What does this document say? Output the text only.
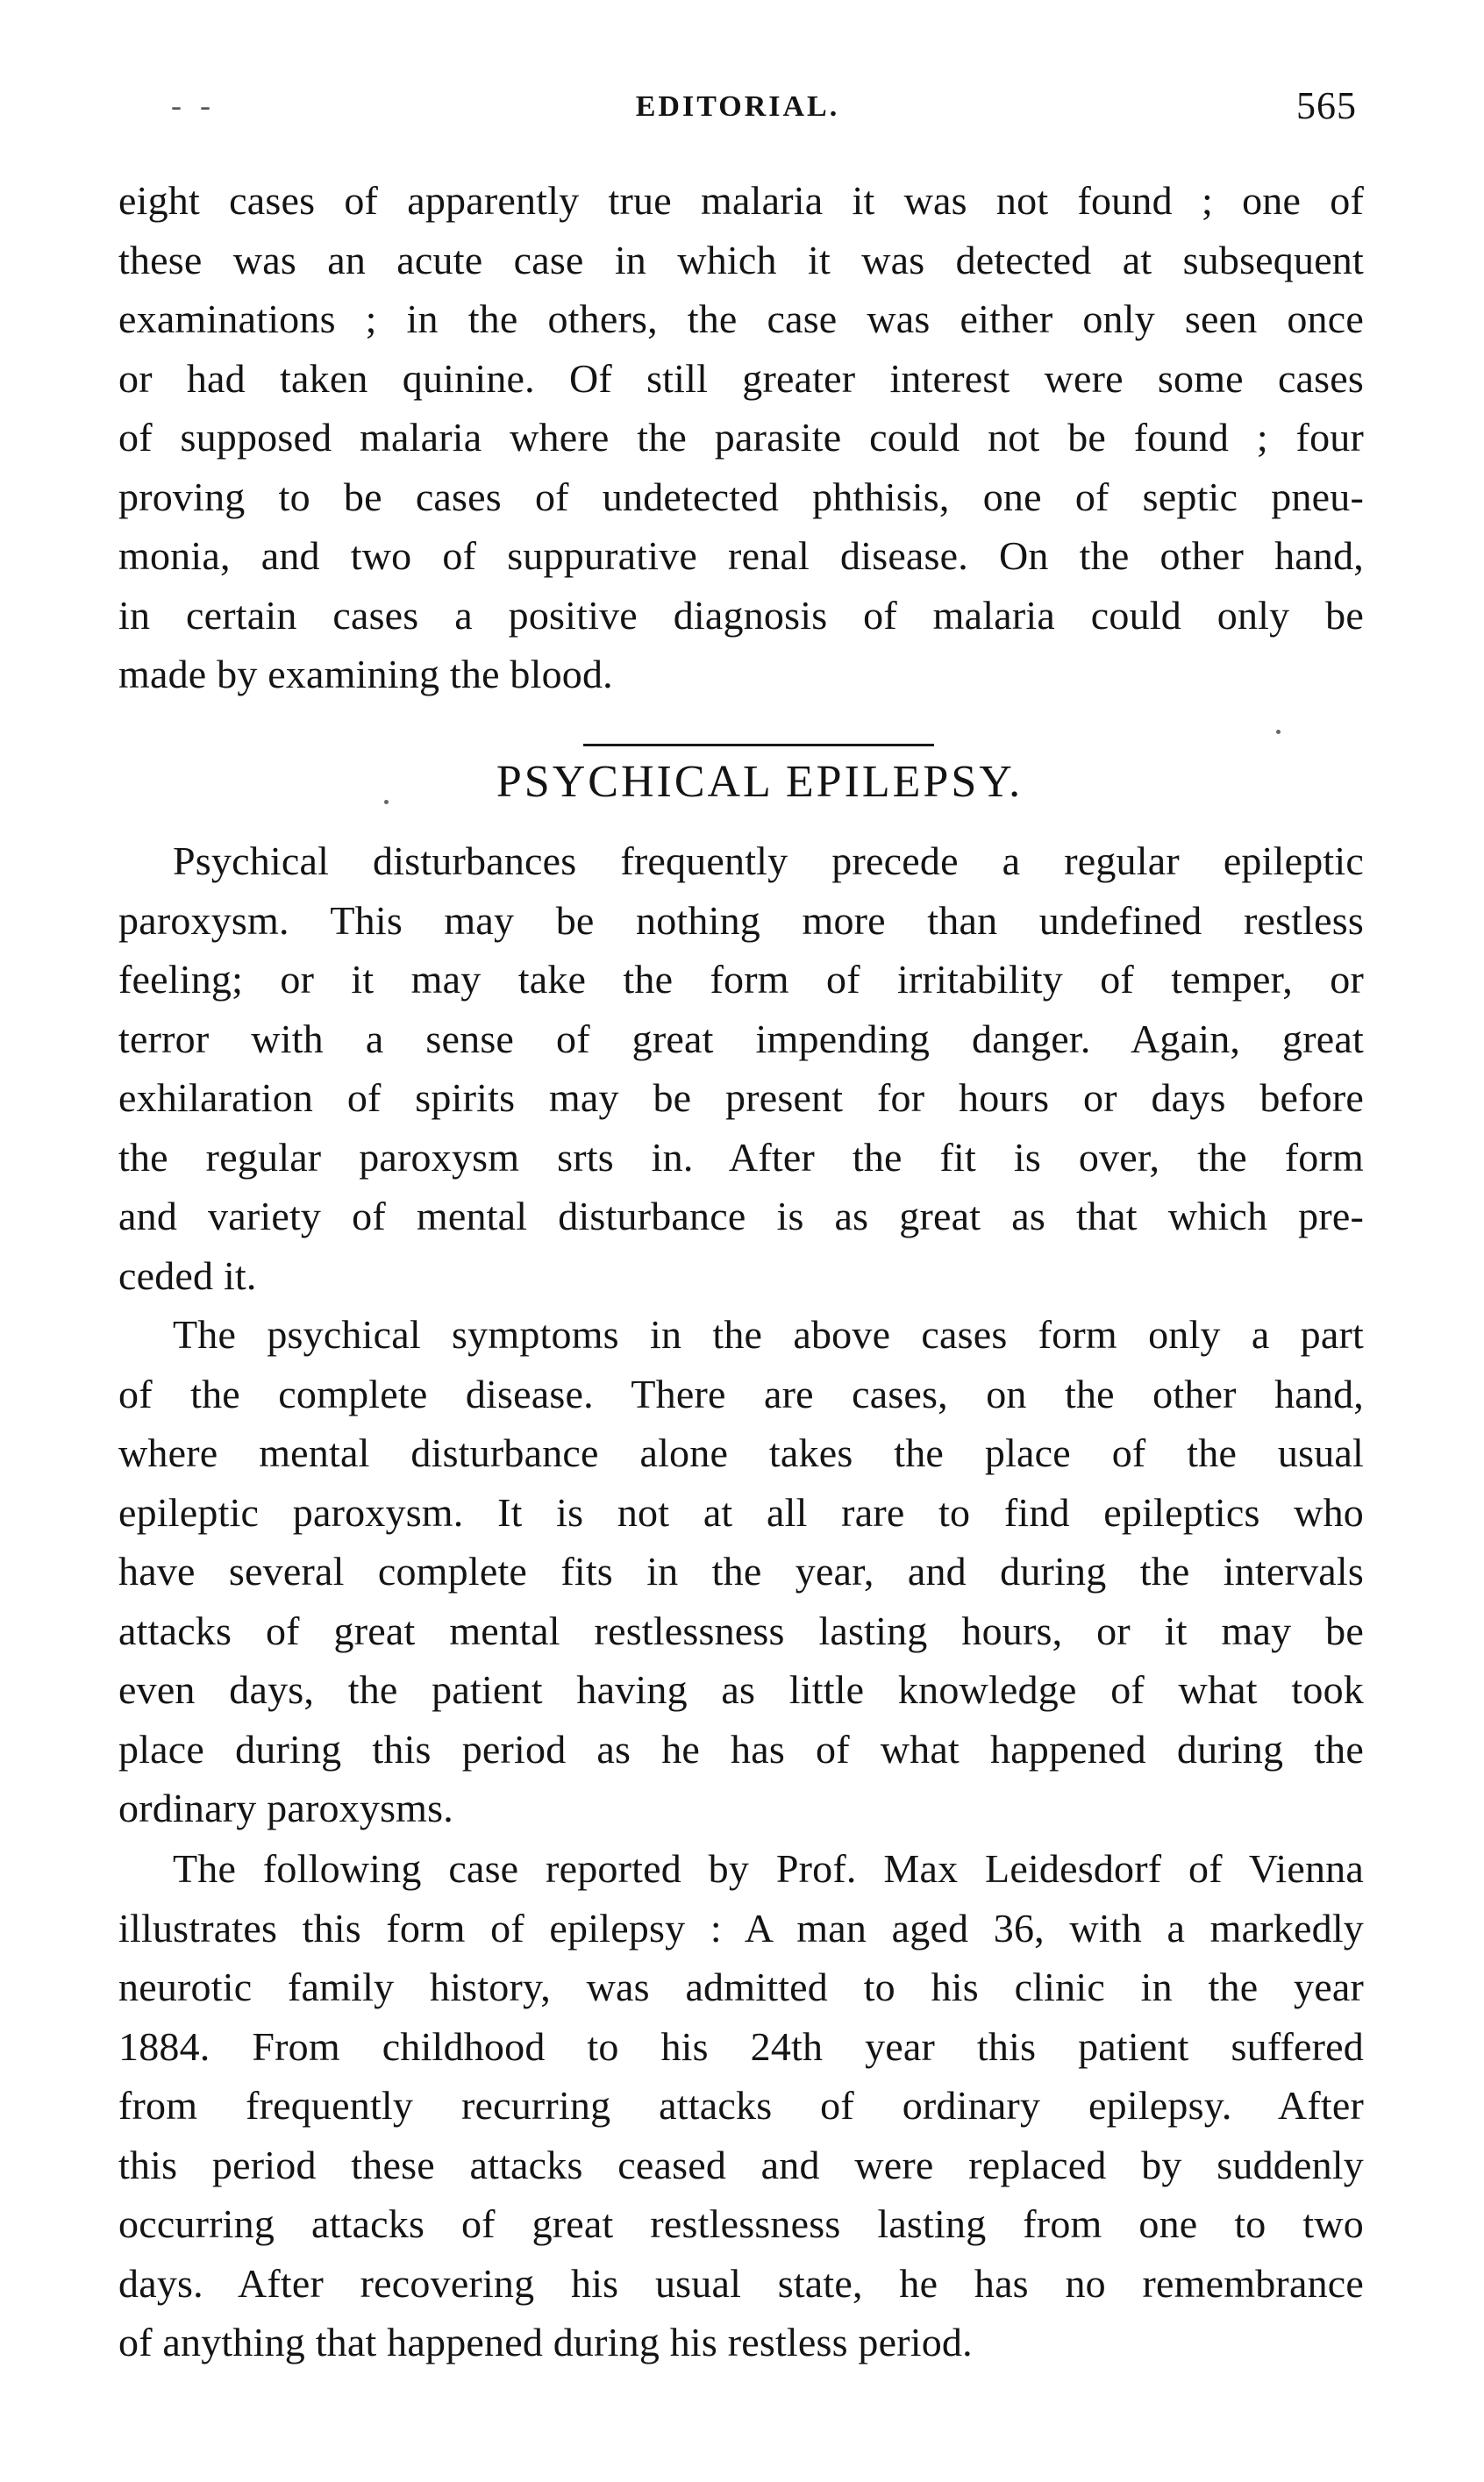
- -	EDITORIAL.	565
eight cases of apparently true malaria it was not found ; one of
these was an acute case in which it was detected at subsequent
examinations ; in the others, the case was either only seen once
or had taken quinine. Of still greater interest were some cases
of supposed malaria where the parasite could not be found ; four
proving to be cases of undetected phthisis, one of septic pneu-
monia, and two of suppurative renal disease. On the other hand,
in certain cases a positive diagnosis of malaria could only be
made by examining the blood.
PSYCHICAL EPILEPSY.
Psychical disturbances frequently precede a regular epileptic
paroxysm. This may be nothing more than undefined restless
feeling; or it may take the form of irritability of temper, or
terror with a sense of great impending danger. Again, great
exhilaration of spirits may be present for hours or days before
the regular paroxysm srts in. After the fit is over, the form
and variety of mental disturbance is as great as that which pre-
ceded it.
The psychical symptoms in the above cases form only a part
of the complete disease. There are cases, on the other hand,
where mental disturbance alone takes the place of the usual
epileptic paroxysm. It is not at all rare to find epileptics who
have several complete fits in the year, and during the intervals
attacks of great mental restlessness lasting hours, or it may be
even days, the patient having as little knowledge of what took
place during this period as he has of what happened during the
ordinary paroxysms.
The following case reported by Prof. Max Leidesdorf of Vienna
illustrates this form of epilepsy : A man aged 36, with a markedly
neurotic family history, was admitted to his clinic in the year
1884. From childhood to his 24th year this patient suffered
from frequently recurring attacks of ordinary epilepsy. After
this period these attacks ceased and were replaced by suddenly
occurring attacks of great restlessness lasting from one to two
days. After recovering his usual state, he has no remembrance
of anything that happened during his restless period.
